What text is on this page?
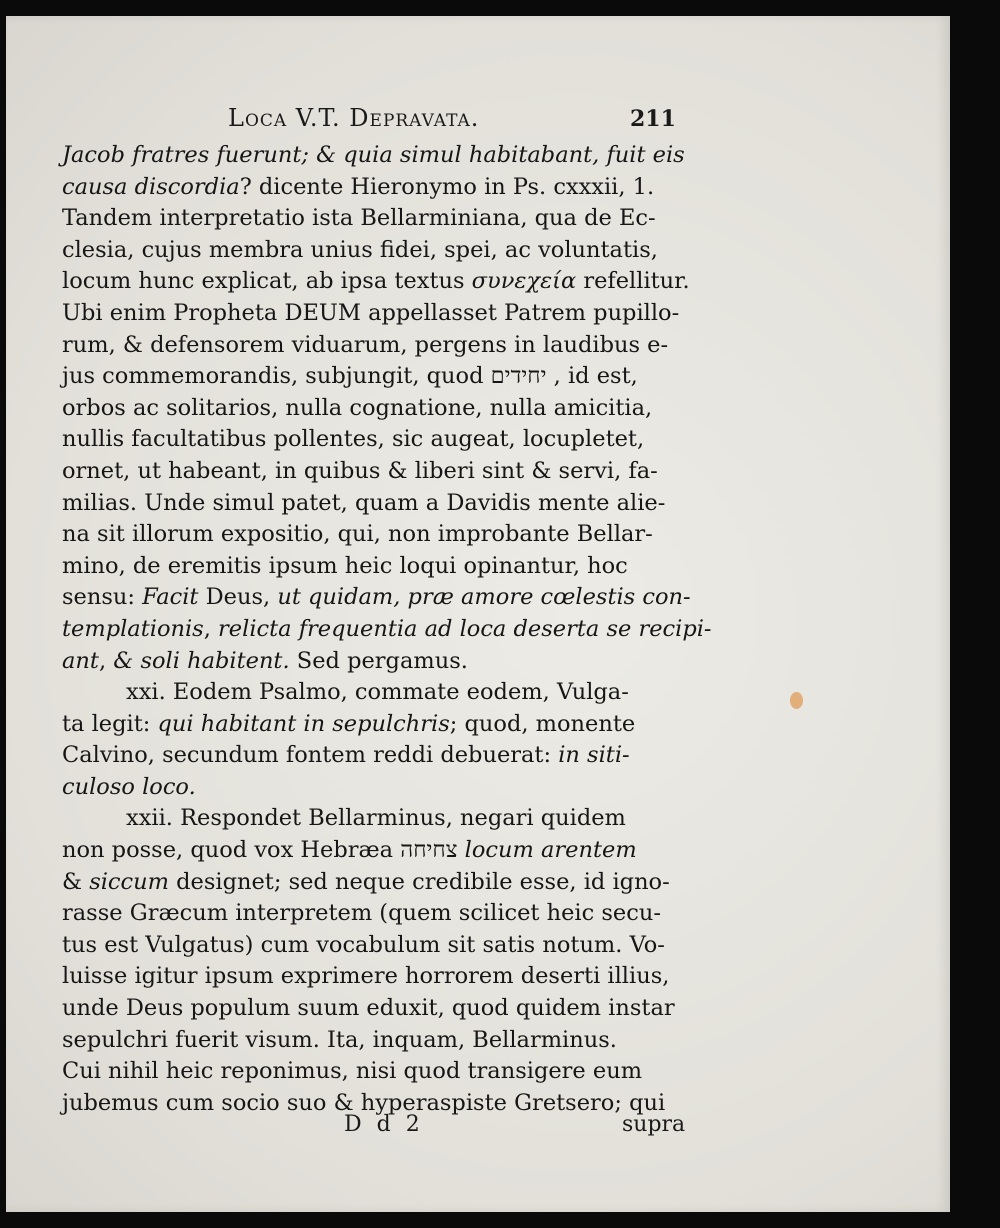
Loca V.T. Depravata.	211
Jacob fratres fuerunt; & quia simul habitabant, fuit eis
causa discordia? dicente Hieronymo in Ps. cxxxii, 1.
Tandem interpretatio ista Bellarminiana, qua de Ec-
clesia, cujus membra unius fidei, spei, ac voluntatis,
locum hunc explicat, ab ipsa textus συνεχεία refellitur.
Ubi enim Propheta DEUM appellasset Patrem pupillo-
rum, & defensorem viduarum, pergens in laudibus e-
jus commemorandis, subjungit, quod יחידים , id est,
orbos ac solitarios, nulla cognatione, nulla amicitia,
nullis facultatibus pollentes, sic augeat, locupletet,
ornet, ut habeant, in quibus & liberi sint & servi, fa-
milias. Unde simul patet, quam a Davidis mente alie-
na sit illorum expositio, qui, non improbante Bellar-
mino, de eremitis ipsum heic loqui opinantur, hoc
sensu: Facit Deus, ut quidam, præ amore cœlestis con-
templationis, relicta frequentia ad loca deserta se recipi-
ant, & soli habitent. Sed pergamus.
xxi. Eodem Psalmo, commate eodem, Vulga-
ta legit: qui habitant in sepulchris; quod, monente
Calvino, secundum fontem reddi debuerat: in siti-
culoso loco.
xxii. Respondet Bellarminus, negari quidem
non posse, quod vox Hebræa צחיחה locum arentem
& siccum designet; sed neque credibile esse, id igno-
rasse Græcum interpretem (quem scilicet heic secu-
tus est Vulgatus) cum vocabulum sit satis notum. Vo-
luisse igitur ipsum exprimere horrorem deserti illius,
unde Deus populum suum eduxit, quod quidem instar
sepulchri fuerit visum. Ita, inquam, Bellarminus.
Cui nihil heic reponimus, nisi quod transigere eum
jubemus cum socio suo & hyperaspiste Gretsero; qui
D d 2	supra
